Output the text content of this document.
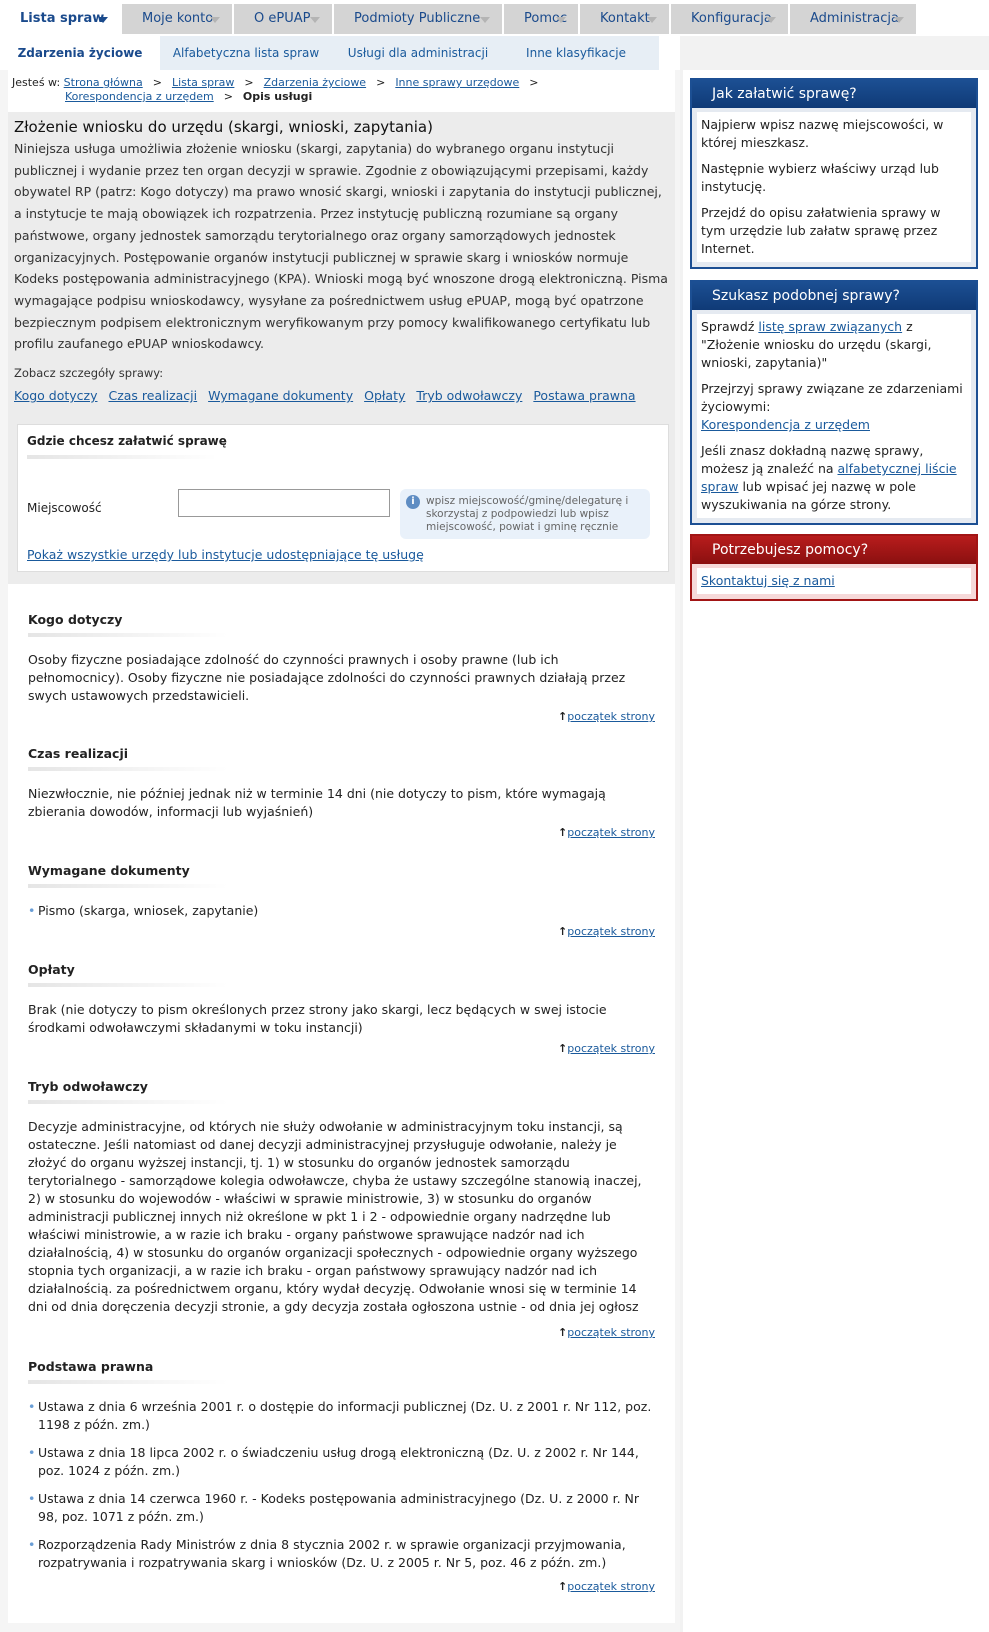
Lista spraw	Moje konto	O ePUAP	Podmioty Publiczne	Pomoc	Kontakt	Konfiguracja	Administracja
Zdarzenia życiowe	Alfabetyczna lista spraw	Usługi dla administracji	Inne klasyfikacje
Jesteś w: Strona główna > Lista spraw > Zdarzenia życiowe > Inne sprawy urzędowe >
Korespondencja z urzędem > Opis usługi
Złożenie wniosku do urzędu (skargi, wnioski, zapytania)

Niniejsza usługa umożliwia złożenie wniosku (skargi, zapytania) do wybranego organu instytucji publicznej i wydanie przez ten organ decyzji w sprawie. Zgodnie z obowiązującymi przepisami, każdy obywatel RP (patrz: Kogo dotyczy) ma prawo wnosić skargi, wnioski i zapytania do instytucji publicznej, a instytucje te mają obowiązek ich rozpatrzenia. Przez instytucję publiczną rozumiane są organy państwowe, organy jednostek samorządu terytorialnego oraz organy samorządowych jednostek organizacyjnych. Postępowanie organów instytucji publicznej w sprawie skarg i wniosków normuje Kodeks postępowania administracyjnego (KPA). Wnioski mogą być wnoszone drogą elektroniczną. Pisma wymagające podpisu wnioskodawcy, wysyłane za pośrednictwem usług ePUAP, mogą być opatrzone bezpiecznym podpisem elektronicznym weryfikowanym przy pomocy kwalifikowanego certyfikatu lub profilu zaufanego ePUAP wnioskodawcy.

Zobacz szczegóły sprawy:
Kogo dotyczy Czas realizacji Wymagane dokumenty Opłaty Tryb odwoławczy Postawa prawna
Gdzie chcesz załatwić sprawę
Miejscowość	i	wpisz miejscowość/gminę/delegaturę i skorzystaj z podpowiedzi lub wpisz miejscowość, powiat i gminę ręcznie
Pokaż wszystkie urzędy lub instytucje udostępniające tę usługę
Kogo dotyczy
Osoby fizyczne posiadające zdolność do czynności prawnych i osoby prawne (lub ich pełnomocnicy). Osoby fizyczne nie posiadające zdolności do czynności prawnych działają przez swych ustawowych przedstawicieli.
↑początek strony
Czas realizacji
Niezwłocznie, nie później jednak niż w terminie 14 dni (nie dotyczy to pism, które wymagają zbierania dowodów, informacji lub wyjaśnień)
↑początek strony
Wymagane dokumenty
• Pismo (skarga, wniosek, zapytanie)
↑początek strony
Opłaty
Brak (nie dotyczy to pism określonych przez strony jako skargi, lecz będących w swej istocie środkami odwoławczymi składanymi w toku instancji)
↑początek strony
Tryb odwoławczy
Decyzje administracyjne, od których nie służy odwołanie w administracyjnym toku instancji, są ostateczne. Jeśli natomiast od danej decyzji administracyjnej przysługuje odwołanie, należy je złożyć do organu wyższej instancji, tj. 1) w stosunku do organów jednostek samorządu terytorialnego - samorządowe kolegia odwoławcze, chyba że ustawy szczególne stanowią inaczej, 2) w stosunku do wojewodów - właściwi w sprawie ministrowie, 3) w stosunku do organów administracji publicznej innych niż określone w pkt 1 i 2 - odpowiednie organy nadrzędne lub właściwi ministrowie, a w razie ich braku - organy państwowe sprawujące nadzór nad ich działalnością, 4) w stosunku do organów organizacji społecznych - odpowiednie organy wyższego stopnia tych organizacji, a w razie ich braku - organ państwowy sprawujący nadzór nad ich działalnością. za pośrednictwem organu, który wydał decyzję. Odwołanie wnosi się w terminie 14 dni od dnia doręczenia decyzji stronie, a gdy decyzja została ogłoszona ustnie - od dnia jej ogłosz
↑początek strony
Podstawa prawna
• Ustawa z dnia 6 września 2001 r. o dostępie do informacji publicznej (Dz. U. z 2001 r. Nr 112, poz. 1198 z późn. zm.)
• Ustawa z dnia 18 lipca 2002 r. o świadczeniu usług drogą elektroniczną (Dz. U. z 2002 r. Nr 144, poz. 1024 z późn. zm.)
• Ustawa z dnia 14 czerwca 1960 r. - Kodeks postępowania administracyjnego (Dz. U. z 2000 r. Nr 98, poz. 1071 z późn. zm.)
• Rozporządzenia Rady Ministrów z dnia 8 stycznia 2002 r. w sprawie organizacji przyjmowania, rozpatrywania i rozpatrywania skarg i wniosków (Dz. U. z 2005 r. Nr 5, poz. 46 z późn. zm.)
↑początek strony
Jak załatwić sprawę?

Najpierw wpisz nazwę miejscowości, w której mieszkasz.

Następnie wybierz właściwy urząd lub instytucję.

Przejdź do opisu załatwienia sprawy w tym urzędzie lub załatw sprawę przez Internet.

Szukasz podobnej sprawy?

Sprawdź listę spraw związanych z "Złożenie wniosku do urzędu (skargi, wnioski, zapytania)"

Przejrzyj sprawy związane ze zdarzeniami życiowymi:
Korespondencja z urzędem

Jeśli znasz dokładną nazwę sprawy, możesz ją znaleźć na alfabetycznej liście spraw lub wpisać jej nazwę w pole wyszukiwania na górze strony.

Potrzebujesz pomocy?

Skontaktuj się z nami
